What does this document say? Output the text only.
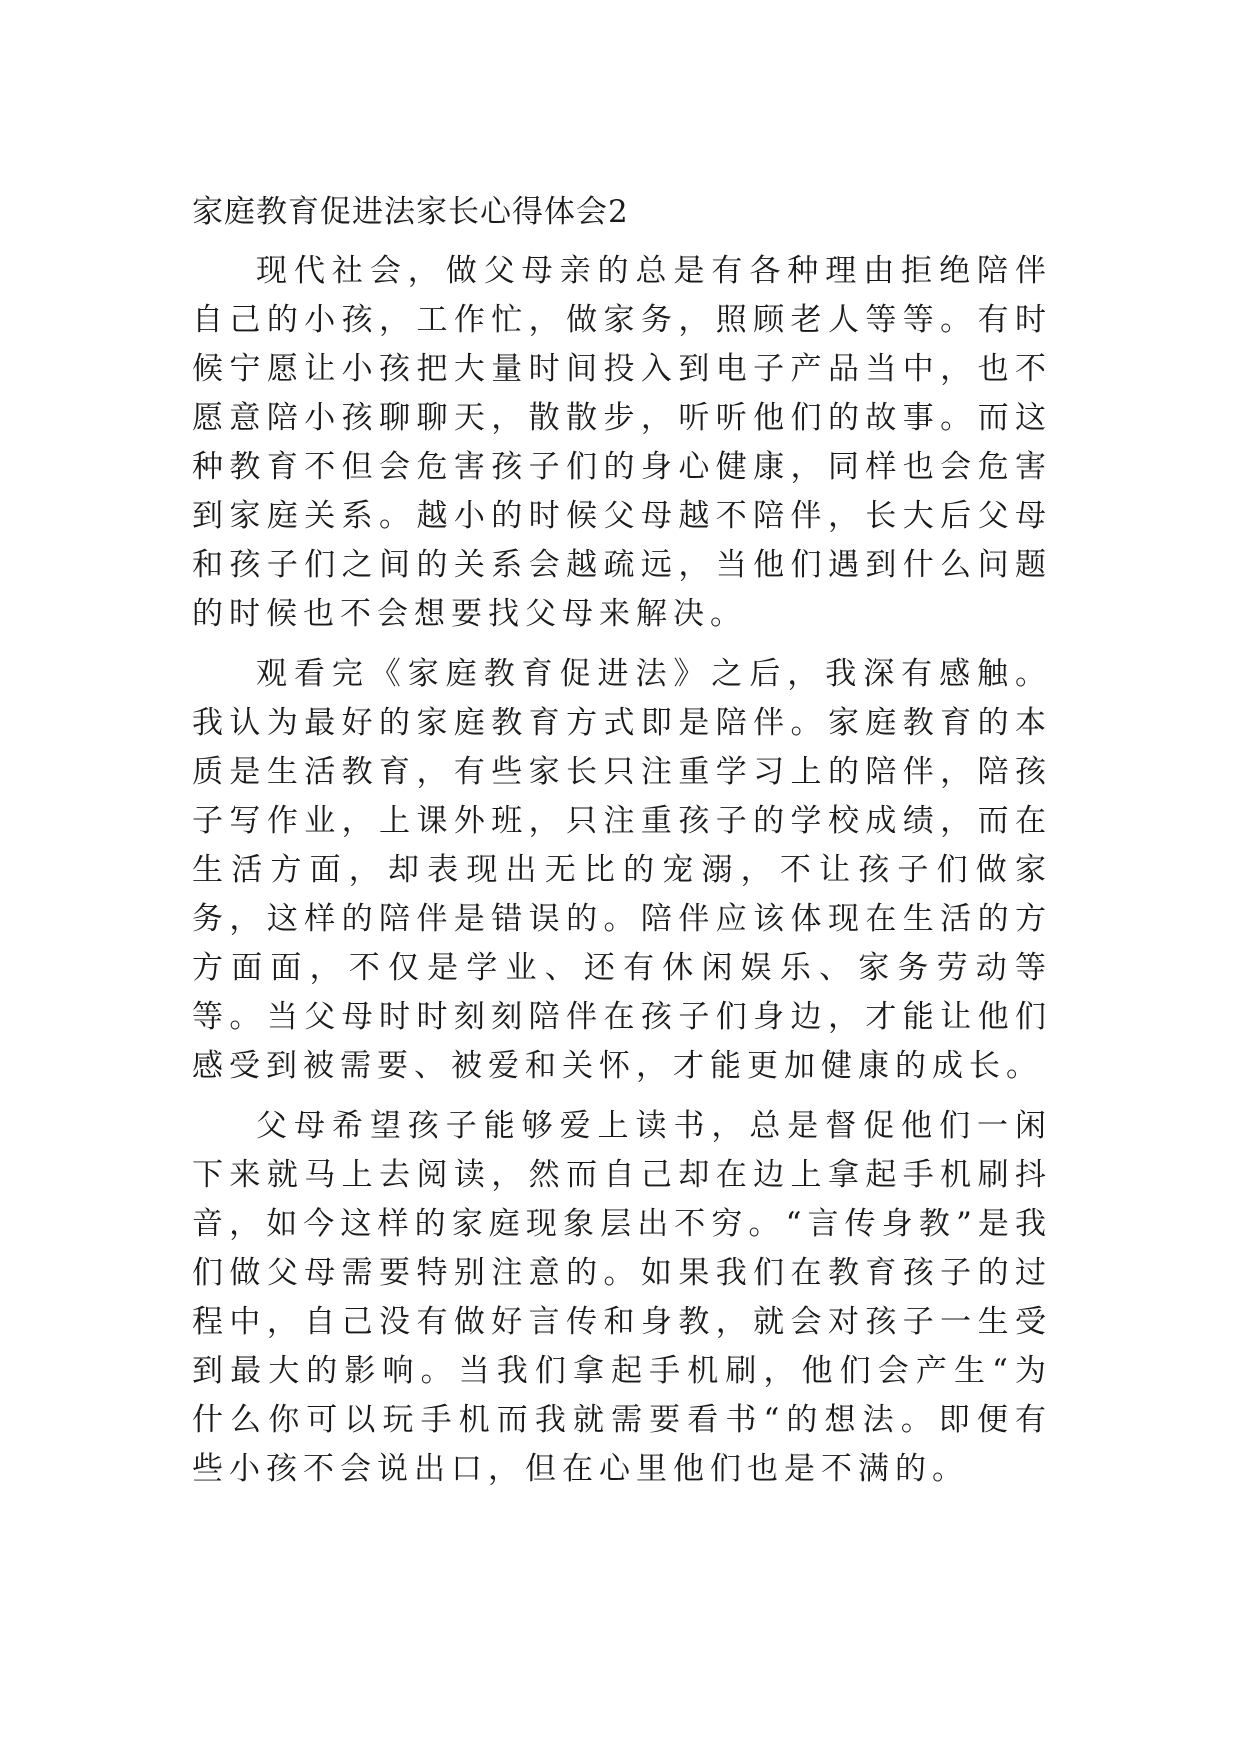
家庭教育促进法家长心得体会2

现代社会，做父母亲的总是有各种理由拒绝陪伴自己的小孩，工作忙，做家务，照顾老人等等。有时候宁愿让小孩把大量时间投入到电子产品当中，也不愿意陪小孩聊聊天，散散步，听听他们的故事。而这种教育不但会危害孩子们的身心健康，同样也会危害到家庭关系。越小的时候父母越不陪伴，长大后父母和孩子们之间的关系会越疏远，当他们遇到什么问题的时候也不会想要找父母来解决。

观看完《家庭教育促进法》之后，我深有感触。我认为最好的家庭教育方式即是陪伴。家庭教育的本质是生活教育，有些家长只注重学习上的陪伴，陪孩子写作业，上课外班，只注重孩子的学校成绩，而在生活方面，却表现出无比的宠溺，不让孩子们做家务，这样的陪伴是错误的。陪伴应该体现在生活的方方面面，不仅是学业、还有休闲娱乐、家务劳动等等。当父母时时刻刻陪伴在孩子们身边，才能让他们感受到被需要、被爱和关怀，才能更加健康的成长。

父母希望孩子能够爱上读书，总是督促他们一闲下来就马上去阅读，然而自己却在边上拿起手机刷抖音，如今这样的家庭现象层出不穷。“言传身教”是我们做父母需要特别注意的。如果我们在教育孩子的过程中，自己没有做好言传和身教，就会对孩子一生受到最大的影响。当我们拿起手机刷，他们会产生“为什么你可以玩手机而我就需要看书“的想法。即便有些小孩不会说出口，但在心里他们也是不满的。
